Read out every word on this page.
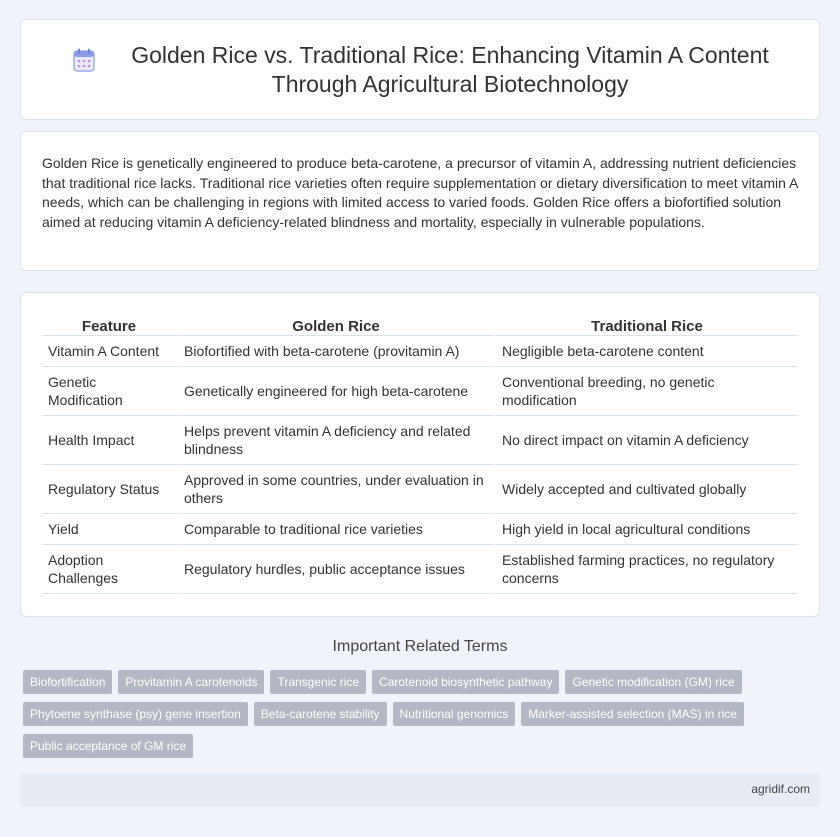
Golden Rice vs. Traditional Rice: Enhancing Vitamin A Content Through Agricultural Biotechnology

Golden Rice is genetically engineered to produce beta-carotene, a precursor of vitamin A, addressing nutrient deficiencies that traditional rice lacks. Traditional rice varieties often require supplementation or dietary diversification to meet vitamin A needs, which can be challenging in regions with limited access to varied foods. Golden Rice offers a biofortified solution aimed at reducing vitamin A deficiency-related blindness and mortality, especially in vulnerable populations.

Feature	Golden Rice	Traditional Rice
Vitamin A Content	Biofortified with beta-carotene (provitamin A)	Negligible beta-carotene content
Genetic Modification	Genetically engineered for high beta-carotene	Conventional breeding, no genetic modification
Health Impact	Helps prevent vitamin A deficiency and related blindness	No direct impact on vitamin A deficiency
Regulatory Status	Approved in some countries, under evaluation in others	Widely accepted and cultivated globally
Yield	Comparable to traditional rice varieties	High yield in local agricultural conditions
Adoption Challenges	Regulatory hurdles, public acceptance issues	Established farming practices, no regulatory concerns
Important Related Terms
Biofortification	Provitamin A carotenoids	Transgenic rice	Carotenoid biosynthetic pathway	Genetic modification (GM) rice
Phytoene synthase (psy) gene insertion	Beta-carotene stability	Nutritional genomics	Marker-assisted selection (MAS) in rice
Public acceptance of GM rice
agridif.com
